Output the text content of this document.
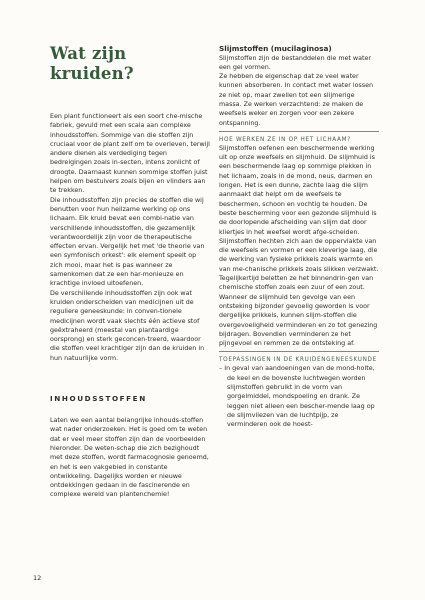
Wat zijn kruiden?

Een plant functioneert als een soort che-mische fabriek, gevuld met een scala aan complexe inhoudsstoffen. Sommige van die stoffen zijn cruciaal voor de plant zelf om te overleven, terwijl andere dienen als verdediging tegen bedreigingen zoals in-secten, intens zonlicht of droogte. Daarnaast kunnen sommige stoffen juist helpen om bestuivers zoals bijen en vlinders aan te trekken.

Die inhoudsstoffen zijn precies de stoffen die wij benutten voor hun heilzame werking op ons lichaam. Elk kruid bevat een combi-natie van verschillende inhoudsstoffen, die gezamenlijk verantwoordelijk zijn voor de therapeutische effecten ervan. Vergelijk het met 'de theorie van een symfonisch orkest': elk element speelt op zich mooi, maar het is pas wanneer ze samenkomen dat ze een har-monieuze en krachtige invloed uitoefenen.

De verschillende inhoudsstoffen zijn ook wat kruiden onderscheiden van medicijnen uit de reguliere geneeskunde: in conven-tionele medicijnen wordt vaak slechts één actieve stof geëxtraheerd (meestal van plantaardige oorsprong) en sterk geconcen-treerd, waardoor die stoffen veel krachtiger zijn dan de kruiden in hun natuurlijke vorm.

INHOUDSSTOFFEN

Laten we een aantal belangrijke inhouds-stoffen wat nader onderzoeken. Het is goed om te weten dat er veel meer stoffen zijn dan de voorbeelden hieronder. De weten-schap die zich bezighoudt met deze stoffen, wordt farmacognosie genoemd, en het is een vakgebied in constante ontwikkeling. Dagelijks worden er nieuwe ontdekkingen gedaan in de fascinerende en complexe wereld van plantenchemie!

Slijmstoffen (mucilaginosa)

Slijmstoffen zijn de bestanddelen die met water een gel vormen.

Ze hebben de eigenschap dat ze veel water kunnen absorberen. In contact met water lossen ze niet op, maar zwellen tot een slijmerige massa. Ze werken verzachtend: ze maken de weefsels weker en zorgen voor een zekere ontspanning.

HOE WERKEN ZE IN OP HET LICHAAM?

Slijmstoffen oefenen een beschermende werking uit op onze weefsels en slijmhuid. De slijmhuid is een beschermende laag op sommige plekken in het lichaam, zoals in de mond, neus, darmen en longen. Het is een dunne, zachte laag die slijm aanmaakt dat helpt om de weefsels te beschermen, schoon en vochtig te houden. De beste bescherming voor een gezonde slijmhuid is de doorlopende afscheiding van slijm dat door kliertjes in het weefsel wordt afge-scheiden. Slijmstoffen hechten zich aan de oppervlakte van die weefsels en vormen er een kleverige laag, die de werking van fysieke prikkels zoals warmte en van me-chanische prikkels zoals slikken verzwakt. Tegelijkertijd beletten ze het binnendrin-gen van chemische stoffen zoals een zuur of een zout.

Wanneer de slijmhuid ten gevolge van een ontsteking bijzonder gevoelig geworden is voor dergelijke prikkels, kunnen slijm-stoffen die overgevoeligheid verminderen en zo tot genezing bijdragen. Bovendien verminderen ze het pijngevoel en remmen ze de ontsteking af.

TOEPASSINGEN IN DE KRUIDENGENEESKUNDE
– In geval van aandoeningen van de mond-holte, de keel en de bovenste luchtwegen worden slijmstoffen gebruikt in de vorm van gorgelmiddel, mondspoeling en drank. Ze leggen niet alleen een bescher-mende laag op de slijmvliezen van de luchtpijp, ze verminderen ook de hoest-
12
